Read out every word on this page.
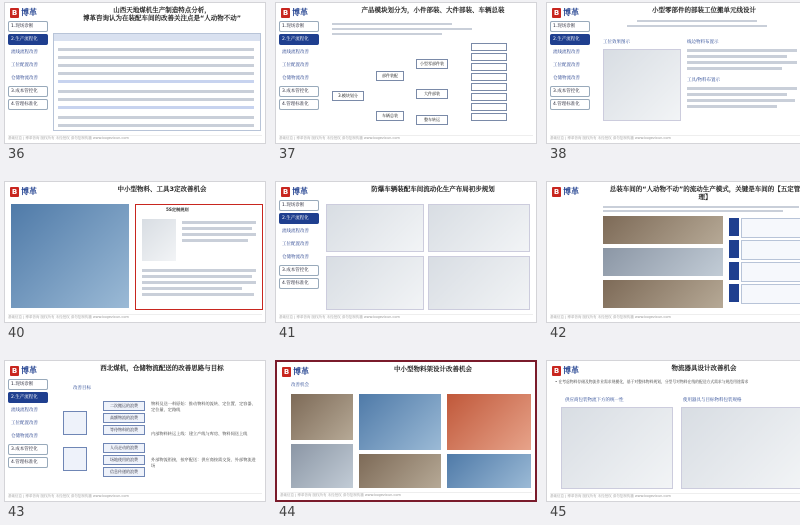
B 博革	山西天地煤机生产制造特点分析，
博革咨询认为在装配车间的改善关注点是“人动物不动”
1.现场诊断
2.生产流程化
流线流程改善
工位配置改善
仓储物流改善
3.成本管控化
4.管理标准化
基础信息 | 博革咨询 版权所有 未经授权 请勿复制传播 www.bogezixun.com
36
B 博革	产品模块划分为，小件部装、大件部装、车辆总装
1.现场诊断
2.生产流程化
流线流程改善
工位配置改善
仓储物流改善
3.成本管控化
4.管理标准化
3.模块划分
部件装配
车辆总装
小型零部件装
大件部装
整车转运
基础信息 | 博革咨询 版权所有 未经授权 请勿复制传播 www.bogezixun.com
37
B 博革	小型零部件的部装工位搬单元线设计
1.现场诊断
2.生产流程化
流线流程改善
工位配置改善
仓储物流改善
3.成本管控化
4.管理标准化
工位效果图示	线边物料布置示
工具/物料布置示
基础信息 | 博革咨询 版权所有 未经授权 请勿复制传播 www.bogezixun.com
38
B 博革	中小型物料、工具3定改善机会
5S定制规则
基础信息 | 博革咨询 版权所有 未经授权 请勿复制传播 www.bogezixun.com
40
B 博革	防爆车辆装配车间流动化生产布局初步规划
1.现场诊断
2.生产流程化
流线流程改善
工位配置改善
仓储物流改善
3.成本管控化
4.管理标准化
基础信息 | 博革咨询 版权所有 未经授权 请勿复制传播 www.bogezixun.com
41
B 博革	总装车间的“人动物不动”的流动生产模式，关键是车间的【五定管理】
基础信息 | 博革咨询 版权所有 未经授权 请勿复制传播 www.bogezixun.com
42
B 博革	西北煤机，仓储物流配送的改善思路与目标
1.现场诊断
2.生产流程化
流线流程改善
工位配置改善
仓储物流改善
3.成本管控化
4.管理标准化
改善目标
二次搬运的浪费
高额物流的浪费
等待物料的浪费
人员走动的浪费
场地使用的浪费
信息传递的浪费
物料及送一料原始：推动物料的流转、定位置、定容器、定位量、定路线
内部物料转运上线：建立产线与库房、物料间送上线
外部物流衔接，按序配送：供应商按需交货、外部物流进场
基础信息 | 博革咨询 版权所有 未经授权 请勿复制传播 www.bogezixun.com
43
B 博革	中小型物料架设计改善机会
改善机会
基础信息 | 博革咨询 版权所有 未经授权 请勿复制传播 www.bogezixun.com
44
B 博革	物流器具设计改善机会
• 在考虑物料存储及物流作业需求规模化，基于对整体物料规划，分型号对物料在线的配送方式需求与规范用途需求
供应商包装物流下方的统一性	使用器具与目标物料包装规格
基础信息 | 博革咨询 版权所有 未经授权 请勿复制传播 www.bogezixun.com
45
